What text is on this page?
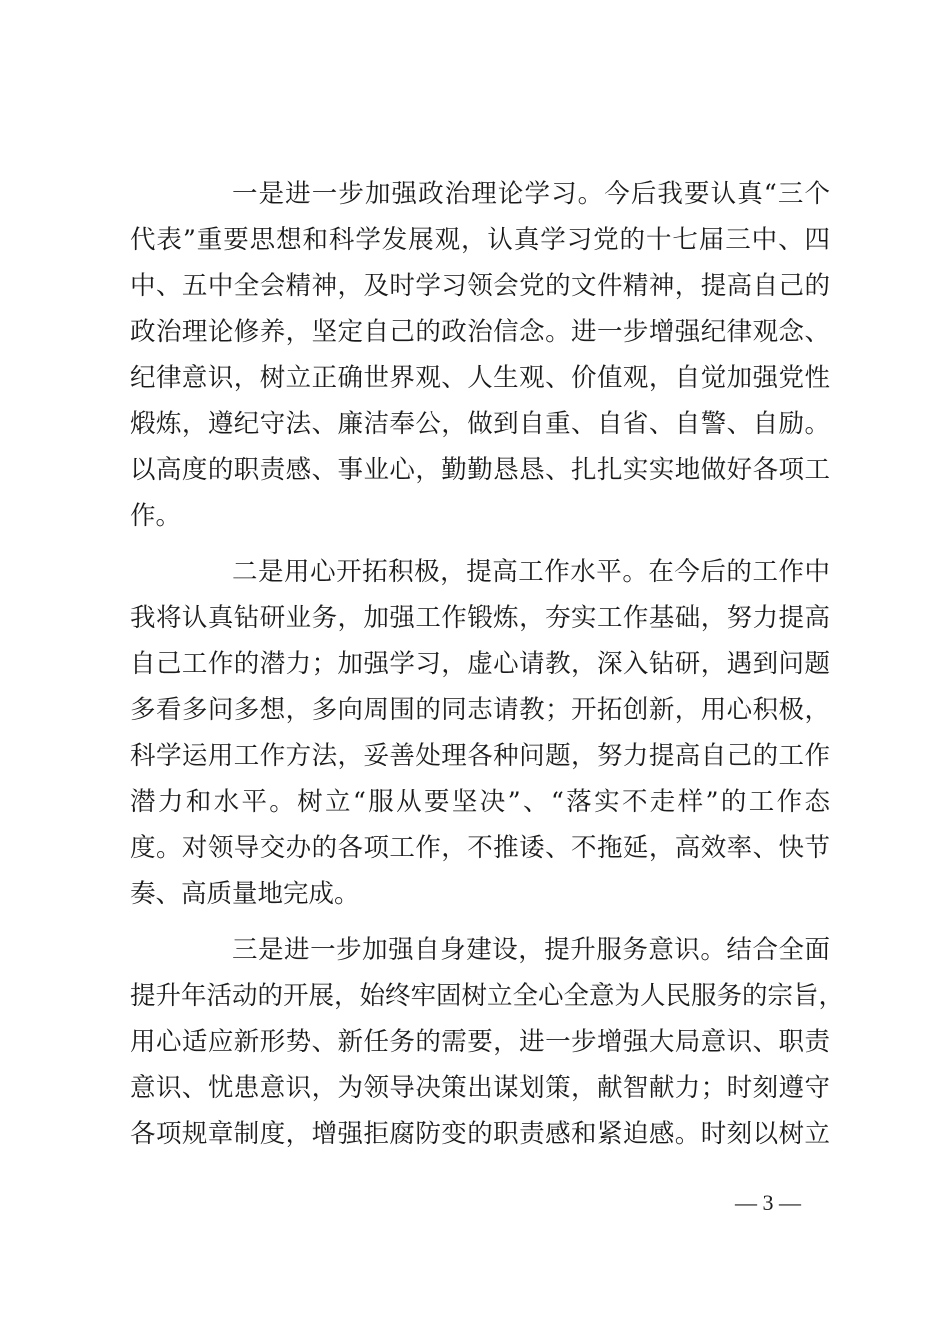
一是进一步加强政治理论学习。今后我要认真“三个
代表”重要思想和科学发展观，认真学习党的十七届三中、四
中、五中全会精神，及时学习领会党的文件精神，提高自己的
政治理论修养，坚定自己的政治信念。进一步增强纪律观念、
纪律意识，树立正确世界观、人生观、价值观，自觉加强党性
煅炼，遵纪守法、廉洁奉公，做到自重、自省、自警、自励。
以高度的职责感、事业心，勤勤恳恳、扎扎实实地做好各项工
作。
二是用心开拓积极，提高工作水平。在今后的工作中
我将认真钻研业务，加强工作锻炼，夯实工作基础，努力提高
自己工作的潜力；加强学习，虚心请教，深入钻研，遇到问题
多看多问多想，多向周围的同志请教；开拓创新，用心积极，
科学运用工作方法，妥善处理各种问题，努力提高自己的工作
潜力和水平。树立“服从要坚决”、“落实不走样”的工作态
度。对领导交办的各项工作，不推诿、不拖延，高效率、快节
奏、高质量地完成。
三是进一步加强自身建设，提升服务意识。结合全面
提升年活动的开展，始终牢固树立全心全意为人民服务的宗旨，
用心适应新形势、新任务的需要，进一步增强大局意识、职责
意识、忧患意识，为领导决策出谋划策，献智献力；时刻遵守
各项规章制度，增强拒腐防变的职责感和紧迫感。时刻以树立
— 3 —
